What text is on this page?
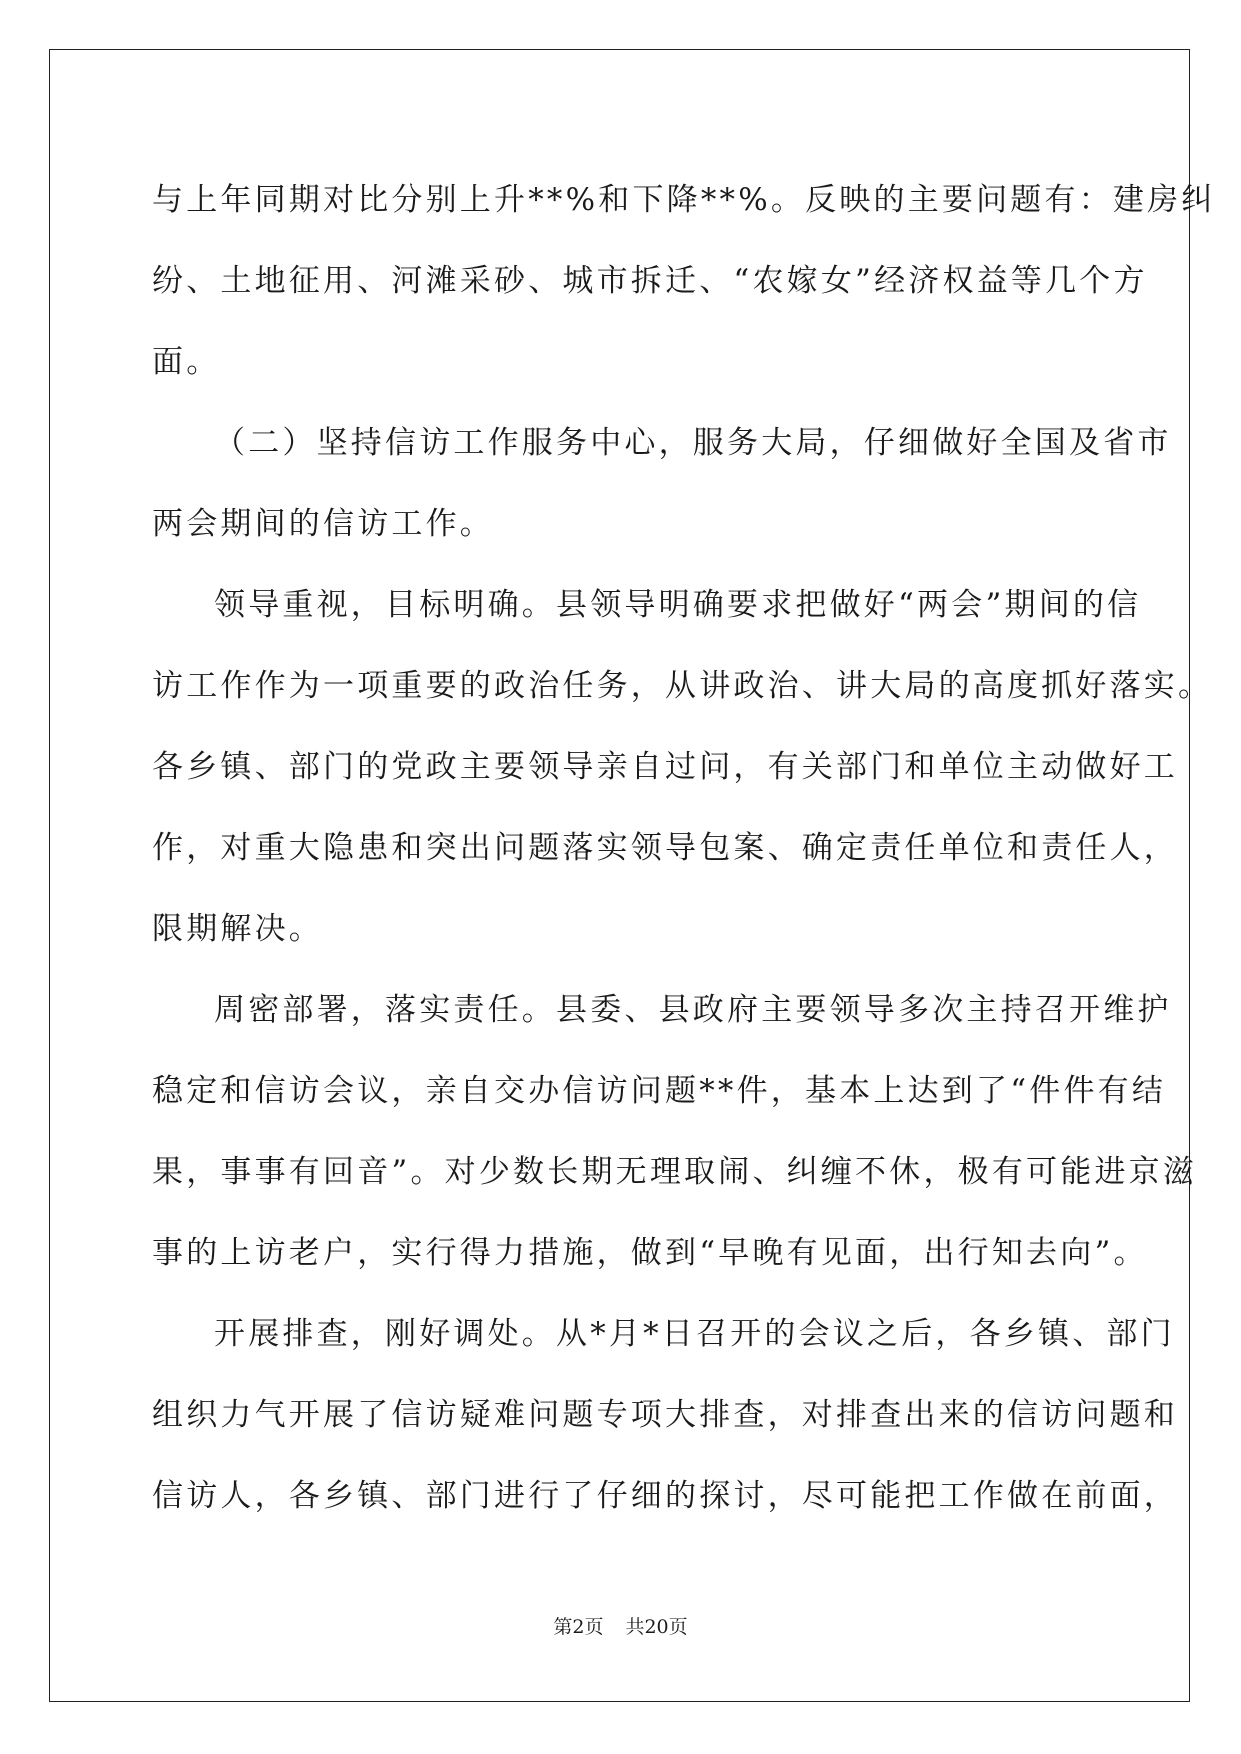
与上年同期对比分别上升**%和下降**%。反映的主要问题有：建房纠
纷、土地征用、河滩采砂、城市拆迁、“农嫁女”经济权益等几个方
面。
（二）坚持信访工作服务中心，服务大局，仔细做好全国及省市
两会期间的信访工作。
领导重视，目标明确。县领导明确要求把做好“两会”期间的信
访工作作为一项重要的政治任务，从讲政治、讲大局的高度抓好落实。
各乡镇、部门的党政主要领导亲自过问，有关部门和单位主动做好工
作，对重大隐患和突出问题落实领导包案、确定责任单位和责任人，
限期解决。
周密部署，落实责任。县委、县政府主要领导多次主持召开维护
稳定和信访会议，亲自交办信访问题**件，基本上达到了“件件有结
果，事事有回音”。对少数长期无理取闹、纠缠不休，极有可能进京滋
事的上访老户，实行得力措施，做到“早晚有见面，出行知去向”。
开展排查，刚好调处。从*月*日召开的会议之后，各乡镇、部门
组织力气开展了信访疑难问题专项大排查，对排查出来的信访问题和
信访人，各乡镇、部门进行了仔细的探讨，尽可能把工作做在前面，
第2页 共20页
